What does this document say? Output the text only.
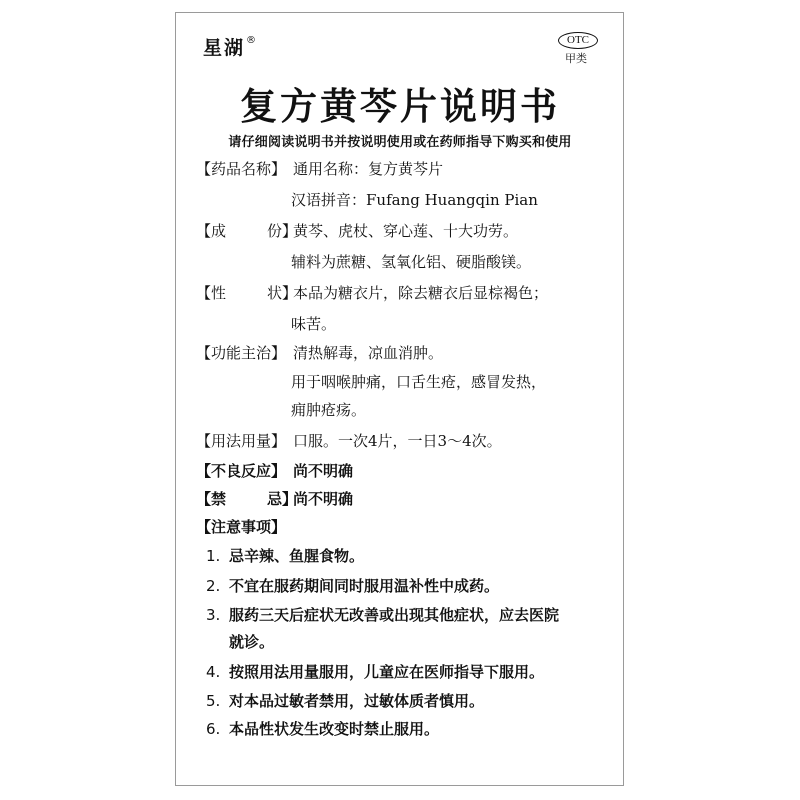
星湖®	OTC
甲类
复方黄芩片说明书
请仔细阅读说明书并按说明使用或在药师指导下购买和使用
【药品名称】 通用名称：复方黄芩片
汉语拼音：Fufang Huangqin Pian
【成 份】黄芩、虎杖、穿心莲、十大功劳。
辅料为蔗糖、氢氧化铝、硬脂酸镁。
【性 状】本品为糖衣片，除去糖衣后显棕褐色；
味苦。
【功能主治】 清热解毒，凉血消肿。
用于咽喉肿痛，口舌生疮，感冒发热，
痈肿疮疡。
【用法用量】 口服。一次4片，一日3～4次。
【不良反应】 尚不明确
【禁 忌】尚不明确
【注意事项】
1. 忌辛辣、鱼腥食物。
2. 不宜在服药期间同时服用温补性中成药。
3. 服药三天后症状无改善或出现其他症状，应去医院
就诊。
4. 按照用法用量服用，儿童应在医师指导下服用。
5. 对本品过敏者禁用，过敏体质者慎用。
6. 本品性状发生改变时禁止服用。
